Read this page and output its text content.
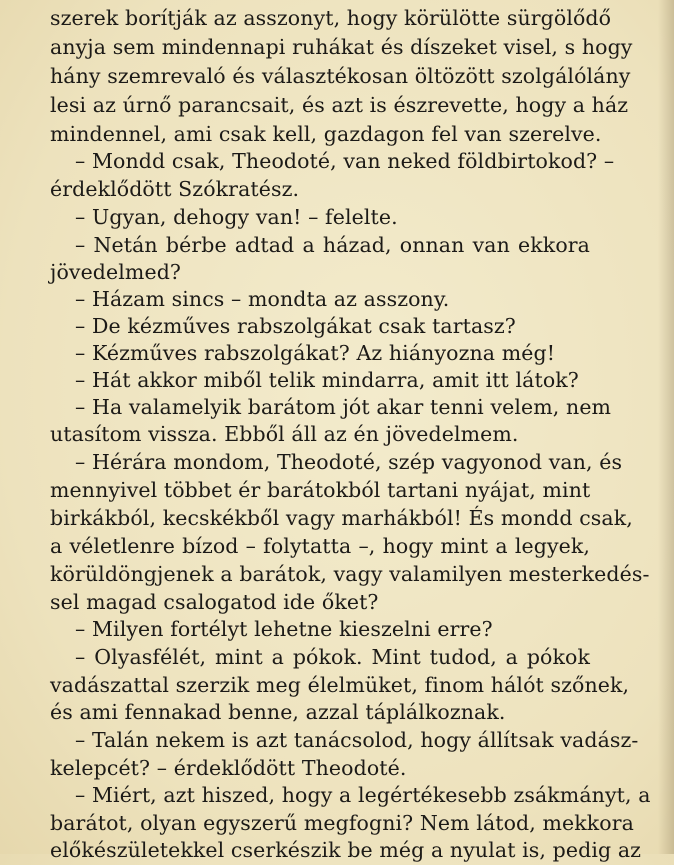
szerek borítják az asszonyt, hogy körülötte sürgölődő
anyja sem mindennapi ruhákat és díszeket visel, s hogy
hány szemrevaló és választékosan öltözött szolgálólány
lesi az úrnő parancsait, és azt is észrevette, hogy a ház
mindennel, ami csak kell, gazdagon fel van szerelve.
– Mondd csak, Theodoté, van neked földbirtokod? –
érdeklődött Szókratész.
– Ugyan, dehogy van! – felelte.
– Netán bérbe adtad a házad, onnan van ekkora
jövedelmed?
– Házam sincs – mondta az asszony.
– De kézműves rabszolgákat csak tartasz?
– Kézműves rabszolgákat? Az hiányozna még!
– Hát akkor miből telik mindarra, amit itt látok?
– Ha valamelyik barátom jót akar tenni velem, nem
utasítom vissza. Ebből áll az én jövedelmem.
– Hérára mondom, Theodoté, szép vagyonod van, és
mennyivel többet ér barátokból tartani nyájat, mint
birkákból, kecskékből vagy marhákból! És mondd csak,
a véletlenre bízod – folytatta –, hogy mint a legyek,
körüldöngjenek a barátok, vagy valamilyen mesterkedés-
sel magad csalogatod ide őket?
– Milyen fortélyt lehetne kieszelni erre?
– Olyasfélét, mint a pókok. Mint tudod, a pókok
vadászattal szerzik meg élelmüket, finom hálót szőnek,
és ami fennakad benne, azzal táplálkoznak.
– Talán nekem is azt tanácsolod, hogy állítsak vadász-
kelepcét? – érdeklődött Theodoté.
– Miért, azt hiszed, hogy a legértékesebb zsákmányt, a
barátot, olyan egyszerű megfogni? Nem látod, mekkora
előkészületekkel cserkészik be még a nyulat is, pedig az
